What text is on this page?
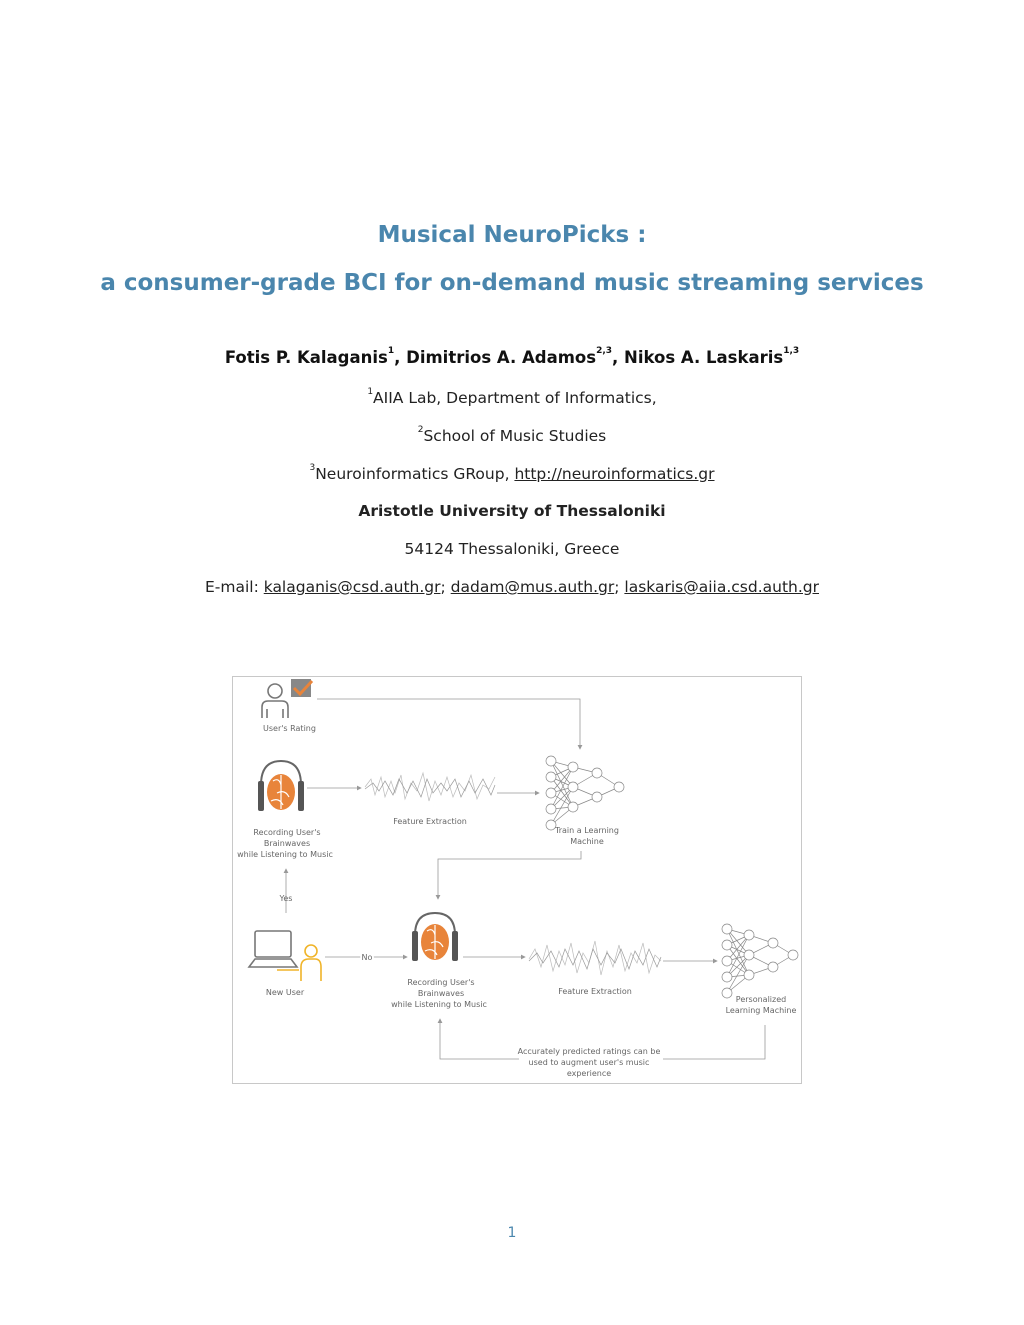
Musical NeuroPicks :
a consumer-grade BCI for on-demand music streaming services
Fotis P. Kalaganis$^1$, Dimitrios A. Adamos$^{2,3}$, Nikos A. Laskaris$^{1,3}$
$^1$AIIA Lab, Department of Informatics,
$^2$School of Music Studies
$^3$Neuroinformatics GRoup, http://neuroinformatics.gr
Aristotle University of Thessaloniki
54124 Thessaloniki, Greece
E-mail: kalaganis@csd.auth.gr; dadam@mus.auth.gr; laskaris@aiia.csd.auth.gr
User's Rating
Recording User's
Brainwaves
while Listening to Music
Feature Extraction
Train a Learning
Machine
Yes
New User
No
Recording User's
Brainwaves
while Listening to Music
Feature Extraction
Personalized
Learning Machine
Accurately predicted ratings can be
used to augment user's music
experience
1
